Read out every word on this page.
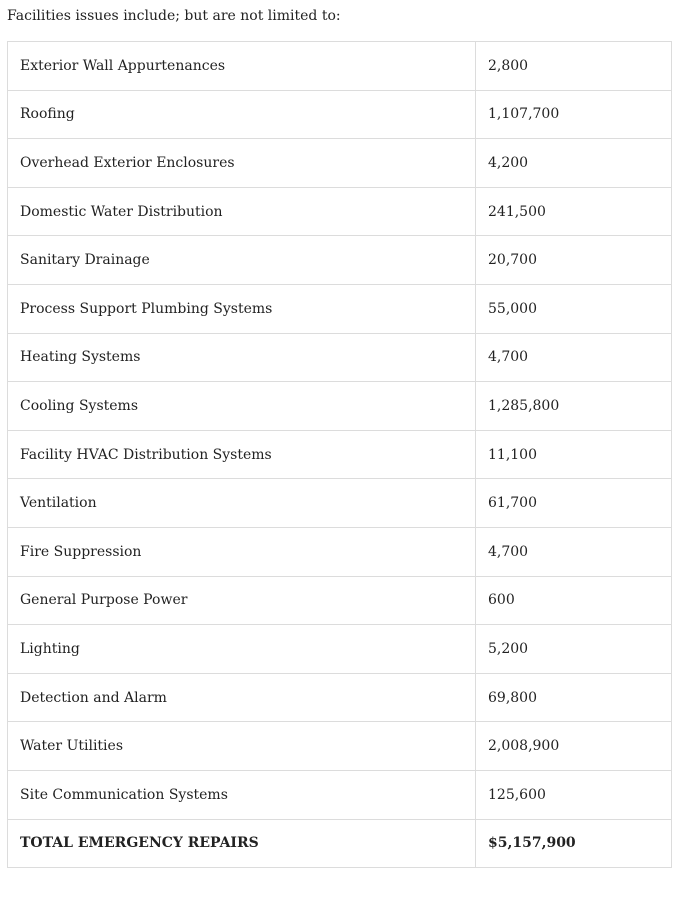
Facilities issues include; but are not limited to:

Exterior Wall Appurtenances	2,800
Roofing	1,107,700
Overhead Exterior Enclosures	4,200
Domestic Water Distribution	241,500
Sanitary Drainage	20,700
Process Support Plumbing Systems	55,000
Heating Systems	4,700
Cooling Systems	1,285,800
Facility HVAC Distribution Systems	11,100
Ventilation	61,700
Fire Suppression	4,700
General Purpose Power	600
Lighting	5,200
Detection and Alarm	69,800
Water Utilities	2,008,900
Site Communication Systems	125,600
TOTAL EMERGENCY REPAIRS	$5,157,900
